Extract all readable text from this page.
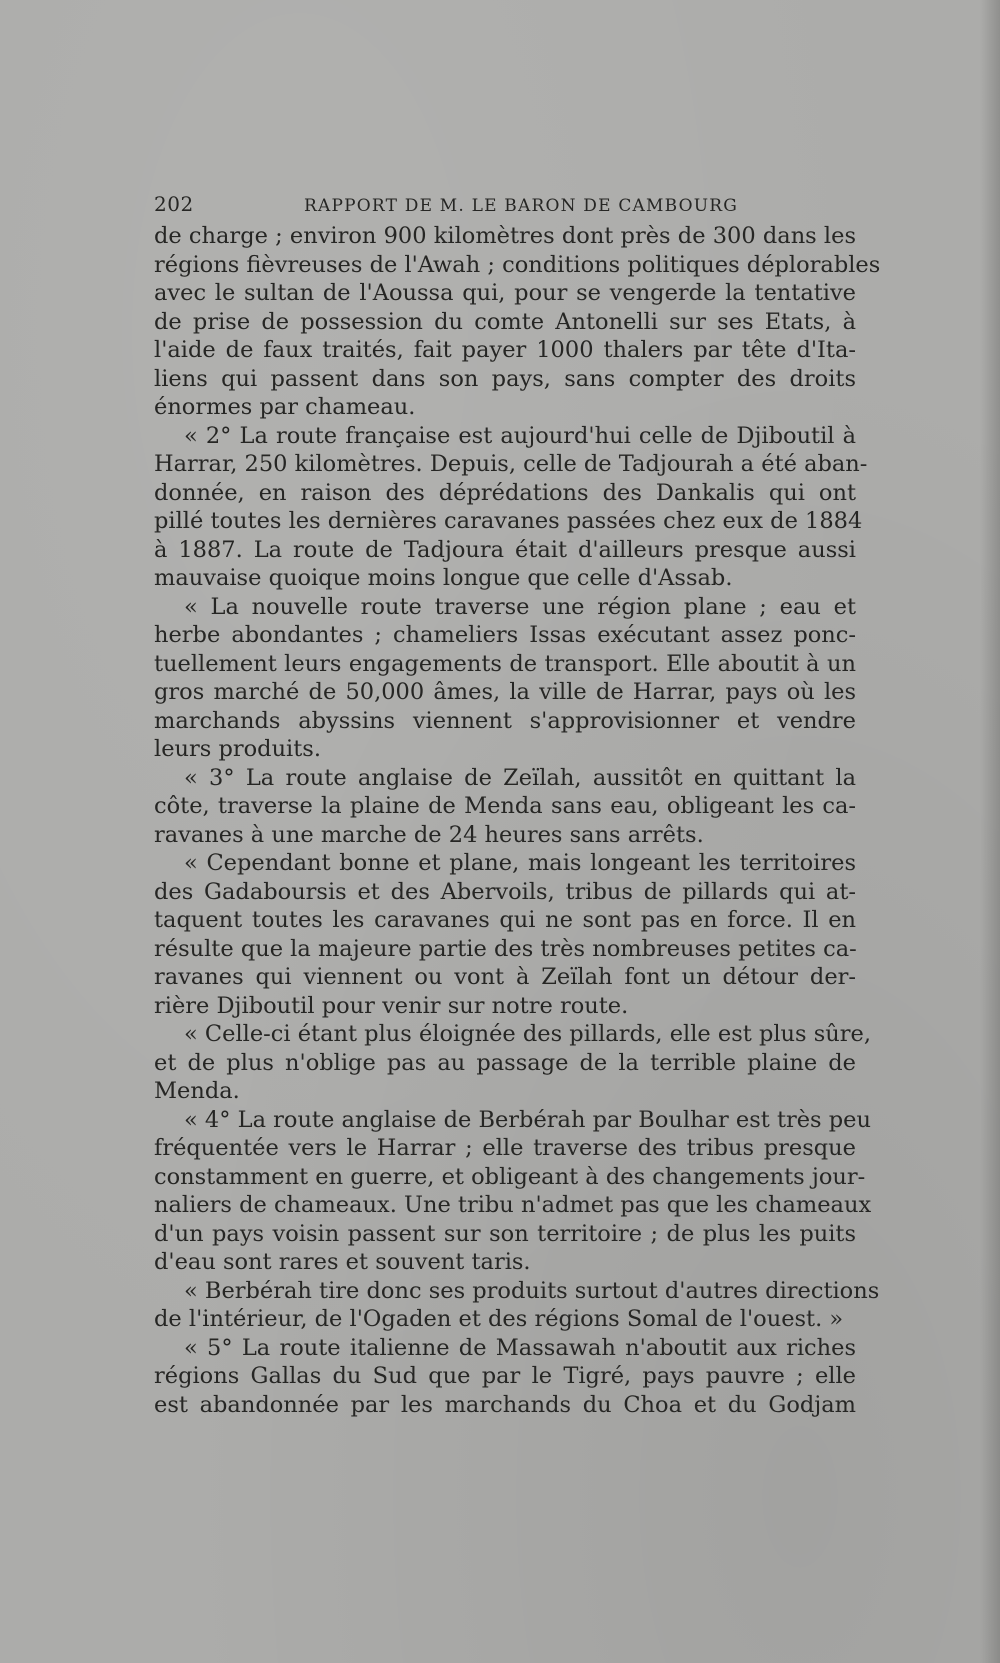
202	RAPPORT DE M. LE BARON DE CAMBOURG
de charge ; environ 900 kilomètres dont près de 300 dans les
régions fièvreuses de l'Awah ; conditions politiques déplorables
avec le sultan de l'Aoussa qui, pour se vengerde la tentative
de prise de possession du comte Antonelli sur ses Etats, à
l'aide de faux traités, fait payer 1000 thalers par tête d'Ita-
liens qui passent dans son pays, sans compter des droits
énormes par chameau.
« 2° La route française est aujourd'hui celle de Djiboutil à
Harrar, 250 kilomètres. Depuis, celle de Tadjourah a été aban-
donnée, en raison des déprédations des Dankalis qui ont
pillé toutes les dernières caravanes passées chez eux de 1884
à 1887. La route de Tadjoura était d'ailleurs presque aussi
mauvaise quoique moins longue que celle d'Assab.
« La nouvelle route traverse une région plane ; eau et
herbe abondantes ; chameliers Issas exécutant assez ponc-
tuellement leurs engagements de transport. Elle aboutit à un
gros marché de 50,000 âmes, la ville de Harrar, pays où les
marchands abyssins viennent s'approvisionner et vendre
leurs produits.
« 3° La route anglaise de Zeïlah, aussitôt en quittant la
côte, traverse la plaine de Menda sans eau, obligeant les ca-
ravanes à une marche de 24 heures sans arrêts.
« Cependant bonne et plane, mais longeant les territoires
des Gadaboursis et des Abervoils, tribus de pillards qui at-
taquent toutes les caravanes qui ne sont pas en force. Il en
résulte que la majeure partie des très nombreuses petites ca-
ravanes qui viennent ou vont à Zeïlah font un détour der-
rière Djiboutil pour venir sur notre route.
« Celle-ci étant plus éloignée des pillards, elle est plus sûre,
et de plus n'oblige pas au passage de la terrible plaine de
Menda.
« 4° La route anglaise de Berbérah par Boulhar est très peu
fréquentée vers le Harrar ; elle traverse des tribus presque
constamment en guerre, et obligeant à des changements jour-
naliers de chameaux. Une tribu n'admet pas que les chameaux
d'un pays voisin passent sur son territoire ; de plus les puits
d'eau sont rares et souvent taris.
« Berbérah tire donc ses produits surtout d'autres directions
de l'intérieur, de l'Ogaden et des régions Somal de l'ouest. »
« 5° La route italienne de Massawah n'aboutit aux riches
régions Gallas du Sud que par le Tigré, pays pauvre ; elle
est abandonnée par les marchands du Choa et du Godjam
